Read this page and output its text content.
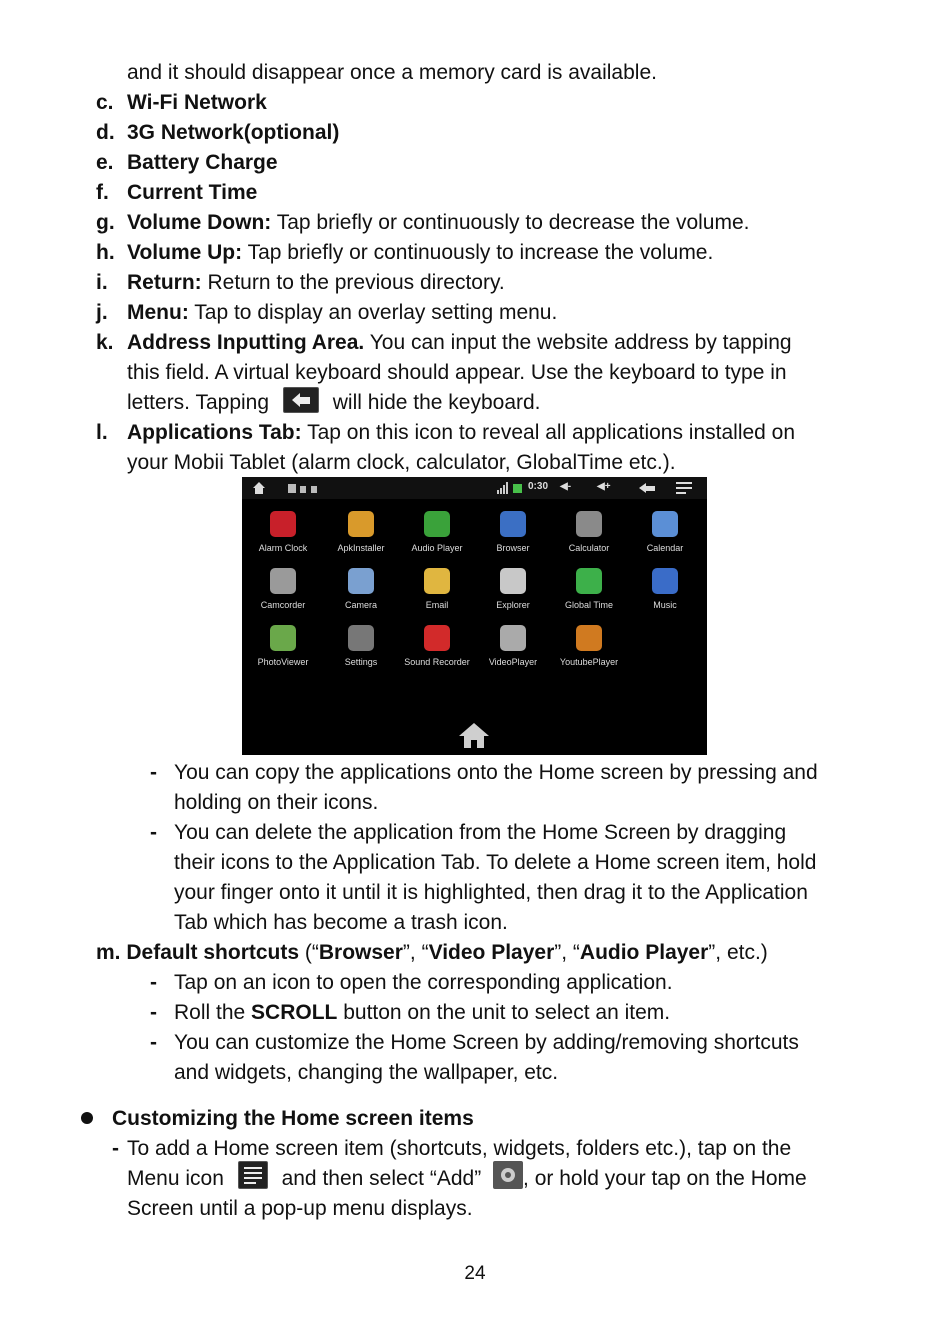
and it should disappear once a memory card is available.
c. Wi-Fi Network
d. 3G Network(optional)
e. Battery Charge
f. Current Time
g. Volume Down: Tap briefly or continuously to decrease the volume.
h. Volume Up: Tap briefly or continuously to increase the volume.
i. Return: Return to the previous directory.
j. Menu: Tap to display an overlay setting menu.
k. Address Inputting Area. You can input the website address by tapping
this field. A virtual keyboard should appear. Use the keyboard to type in
letters. Tapping	will hide the keyboard.
l. Applications Tab: Tap on this icon to reveal all applications installed on
your Mobii Tablet (alarm clock, calculator, GlobalTime etc.).
0:30 ◀-	◀+
Alarm Clock	ApkInstaller	Audio Player	Browser	Calculator	Calendar
Camcorder	Camera	Email	Explorer	Global Time	Music
PhotoViewer	Settings	Sound Recorder	VideoPlayer	YoutubePlayer
- You can copy the applications onto the Home screen by pressing and
holding on their icons.
- You can delete the application from the Home Screen by dragging
their icons to the Application Tab. To delete a Home screen item, hold
your finger onto it until it is highlighted, then drag it to the Application
Tab which has become a trash icon.
m. Default shortcuts (“Browser”, “Video Player”, “Audio Player”, etc.)
- Tap on an icon to open the corresponding application.
- Roll the SCROLL button on the unit to select an item.
- You can customize the Home Screen by adding/removing shortcuts
and widgets, changing the wallpaper, etc.
Customizing the Home screen items
- To add a Home screen item (shortcuts, widgets, folders etc.), tap on the
Menu icon	and then select “Add” , or hold your tap on the Home
Screen until a pop-up menu displays.
24
